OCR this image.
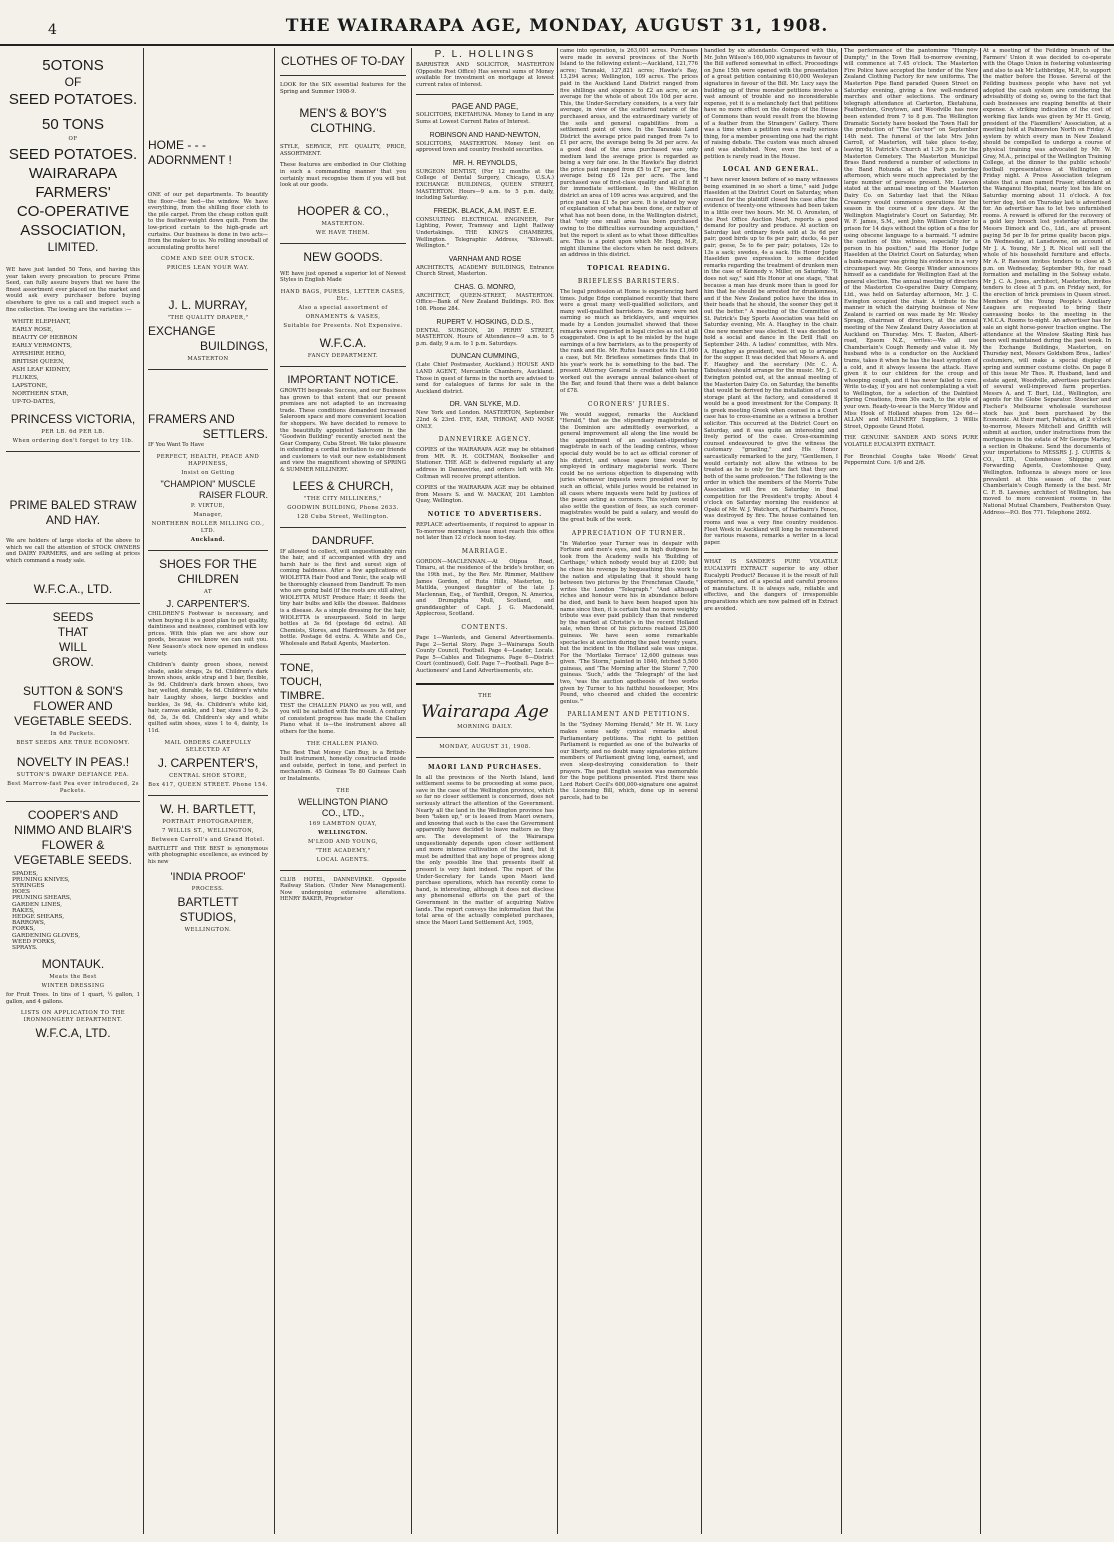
4	THE WAIRARAPA AGE, MONDAY, AUGUST 31, 1908.
5OTONS
OF
SEED POTATOES.
50 TONS
OF
SEED POTATOES.
WAIRARAPA
FARMERS'
CO-OPERATIVE
ASSOCIATION,
LIMITED.

WE have just landed 50 Tons, and having this year taken every precaution to procure Prime Seed, can fully assure buyers that we have the finest assortment ever placed on the market and would ask every purchaser before buying elsewhere to give us a call and inspect such a fine collection. The lowing are the varieties :—

WHITE ELEPHANT,
EARLY ROSE,
BEAUTY OF HEBRON
EARLY VERMONTS,
AYRSHIRE HERO,
BRITISH QUEEN,
ASH LEAF KIDNEY,
FLUKES,
LAPSTONE,
NORTHERN STAR,
UP-TO-DATES,
PRINCESS VICTORIA,
PER LB. 6d PER LB.
When ordering don't forget to try 1lb.
PRIME BALED STRAW
AND HAY.

We are holders of large stocks of the above to which we call the attention of STOCK OWNERS and DAIRY FARMERS, and are selling at prices which command a ready sale.

W.F.C.A., LTD.
SEEDS
THAT
WILL
GROW.
SUTTON & SON'S
FLOWER AND
VEGETABLE SEEDS.
In 6d Packets.
BEST SEEDS ARE TRUE ECONOMY.
NOVELTY IN PEAS.!
SUTTON'S DWARF DEFIANCE PEA.
Best Marrow-fast Pea ever introduced, 2s Packets.
COOPER'S AND
NIMMO AND BLAIR'S
FLOWER &
VEGETABLE SEEDS.
SPADES,
PRUNING KNIVES,
SYRINGES
HOES
PRUNING SHEARS,
GARDEN LINES,
RAKES,
HEDGE SHEARS,
BARROWS,
FORKS,
GARDENING GLOVES,
WEED FORKS,
SPRAYS.
MONTAUK.
Meats the Best
WINTER DRESSING

for Fruit Trees. In tins of 1 quart, ½ gallon, 1 gallon, and 4 gallons.

LISTS ON APPLICATION TO THE IRONMONGERY DEPARTMENT.
W.F.C.A, LTD.
HOME - - -
ADORNMENT !

ONE of our pet departments. To beautify the floor—the bed—the window. We have everything, from the shilling floor cloth to the pile carpet. From the cheap cotton quilt to the feather-weight down quilt. From the low-priced curtain to the high-grade art curtains. Our business is done in two acts—from the maker to us. No rolling snowball of accumulating profits here!

COME AND SEE OUR STOCK.
PRICES LEAN YOUR WAY.
J. L. MURRAY,
"THE QUALITY DRAPER,"
EXCHANGE
BUILDINGS,
MASTERTON
FRAMERS AND
SETTLERS.

IF You Want To Have

PERFECT, HEALTH, PEACE AND HAPPINESS,
Insist on Getting
"CHAMPION" MUSCLE
RAISER FLOUR.
P. VIRTUE,
Manager,
NORTHERN ROLLER MILLING CO., LTD.
Auckland.
SHOES FOR THE
CHILDREN
AT
J. CARPENTER'S.

CHILDREN'S Footwear is necessary, and when buying it is a good plan to get quality, daintiness and neatness, combined with low prices. With this plan we are show our goods, because we know we can suit you. New Season's stock now opened in endless variety.

Children's dainty green shoes, newest shade, ankle straps, 2s 6d. Children's dark brown shoes, ankle strap and 1 bar, flexible, 3s 9d. Children's dark brown shoes, two bar, welted, durable, 4s 6d. Children's white hair Laughty shoes, large buckles and buckles, 3s 9d, 4s. Children's white kid, hair, canvas ankle, and 1 bar, sizes 3 to 6, 2s 6d, 3s, 3s 6d. Children's sky and white quilted satin shoes, sizes 1 to 4, dainty, 1s 11d.

MAIL ORDERS CAREFULLY SELECTED AT
J. CARPENTER'S,
CENTRAL SHOE STORE,
Box 417, QUEEN STREET. Phone 154.
W. H. BARTLETT,
PORTRAIT PHOTOGRAPHER,
7 WILLIS ST., WELLINGTON,
Between Carroll's and Grand Hotel.

BARTLETT and THE BEST is synonymous with photographic excellence, as evinced by his new

'INDIA PROOF'
PROCESS.
BARTLETT
STUDIOS,
WELLINGTON.
CLOTHES OF TO-DAY

LOOK for the SIX essential features for the Spring and Summer 1908-9.

MEN'S & BOY'S
CLOTHING.

STYLE, SERVICE, FIT. QUALITY, PRICE, ASSORTMENT.

These features are embodied in Our Clothing in such a commanding manner that you certainly must recognise them if you will but look at our goods.

HOOPER & CO.,
MASTERTON.
WE HAVE THEM.
NEW GOODS.

WE have just opened a superior lot of Newest Styles in English Made

HAND BAGS, PURSES, LETTER CASES, Etc.
Also a special assortment of
ORNAMENTS & VASES,
Suitable for Presents. Not Expensive.
W.F.C.A.
FANCY DEPARTMENT.
IMPORTANT NOTICE.

GROWTH bespeaks Success, and our Business has grown to that extent that our present premises are not adapted to an increasing trade. These conditions demanded increased Saleroom space and more convenient location for shoppers. We have decided to remove to the beautifully appointed Saleroom in the "Goodwin Building" recently erected next the Gear Company, Cuba Street. We take pleasure in extending a cordial invitation to our friends and customers to visit our new establishment and view the magnificent showing of SPRING & SUMMER MILLINERY.

LEES & CHURCH,
"THE CITY MILLINERS,"
GOODWIN BUILDING, Phone 2633.
128 Cuba Street, Wellington.
DANDRUFF.

IF allowed to collect, will unquestionably ruin the hair, and if accompanied with dry and harsh hair is the first and surest sign of coming baldness. After a few applications of WIOLETTA Hair Food and Tonic, the scalp will be thoroughly cleansed from Dandruff. To men who are going bald (if the roots are still alive), WIOLETTA MUST Produce Hair; it feeds the tiny hair bulbs and kills the disease. Baldness is a disease. As a simple dressing for the hair, WIOLETTA is unsurpassed. Sold in large bottles at 3s 6d (postage 6d extra). All Chemists, Stores, and Hairdressers 3s 6d per bottle. Postage 6d extra. A. White and Co., Wholesale and Retail Agents, Masterton.

TONE,
TOUCH,
TIMBRE.

TEST the CHALLEN PIANO as you will, and you will be satisfied with the result. A century of consistent progress has made the Challen Piano what it is—the instrument above all others for the home.

THE CHALLEN PIANO.

The Best That Money Can Buy, is a British-built instrument, honestly constructed inside and outside, perfect in tone, and perfect in mechanism. 45 Guineas To 80 Guineas Cash or Instalments.

THE
WELLINGTON PIANO
CO., LTD.,
169 LAMBTON QUAY,
WELLINGTON.
M'LEOD AND YOUNG,
"THE ACADEMY,"
LOCAL AGENTS.

CLUB HOTEL, DANNEVIRKE. Opposite Railway Station. (Under New Management). Now undergoing extensive alterations. HENRY BAKER, Proprietor

P. L. HOLLINGS

BARRISTER AND SOLICITOR, MASTERTON (Opposite Post Office) Has several sums of Money available for investment on mortgage at lowest current rates of interest.

PAGE AND PAGE,

SOLICITORS, EKETAHUNA. Money to Lend in any Sums at Lowest Current Rates of Interest.

ROBINSON AND HAND-NEWTON,

SOLICITORS, MASTERTON. Money lent on approved town and country freehold securities.

MR. H. REYNOLDS,

SURGEON DENTIST, (For 12 months at the College of Dental Surgery, Chicago, U.S.A.) EXCHANGE BUILDINGS, QUEEN STREET, MASTERTON. Hours—9 a.m. to 5 p.m. daily, including Saturday.

FREDK. BLACK, A.M. INST. E.E.

CONSULTING ELECTRICAL ENGINEER, For Lighting, Power, Tramway and Light Railway Undertakings. THE KING'S CHAMBERS, Wellington. Telegraphic Address, "Kilowatt. Wellington."

VARNHAM AND ROSE

ARCHITECTS, ACADEMY BUILDINGS, Entrance Church Street, Masterton.

CHAS. G. MONRO,

ARCHITECT, QUEEN-STREET, MASTERTON. Office—Bank of New Zealand Buildings. P.O. Box 108. Phone 284.

RUPERT V. HOSKING, D.D.S.,

DENTAL SURGEON, 26 PERRY STREET, MASTERTON. Hours of Attendance—9 a.m. to 5 p.m. daily, 9 a.m. to 1 p.m. Saturdays.

DUNCAN CUMMING,

(Late Chief Postmaster, Auckland.) HOUSE AND LAND AGENT, Mercantile Chambers, Auckland. Those in quest of farms in the north are advised to send for catalogues of farms for sale in the Auckland district.

DR. VAN SLYKE, M.D.

New York and London. MASTERTON, September 22nd & 23rd. EYE, EAR, THROAT, AND NOSE ONLY.

DANNEVIRKE AGENCY.

COPIES of the WAIRARAPA AGE may be obtained from MR. R. H. COLTMAN, Bookseller and Stationer. THE AGE is delivered regularly at any address in Dannevirke, and orders left with Mr. Coltman will receive prompt attention.

COPIES of the WAIRARAPA AGE may be obtained from Messrs S. and W. MACKAY, 201 Lambton Quay, Wellington.

NOTICE TO ADVERTISERS.

REPLACE advertisements, if required to appear in To-morrow morning's issue must reach this office not later than 12 o'clock noon to-day.

MARRIAGE.

GORDON—MACLENNAN.—At Otipua Road, Timaru, at the residence of the bride's brother, on the 19th inst., by the Rev. Mr. Rimmer, Matthew James Gordon, of Ruta Hills, Masterton, to Matilda, youngest daughter of the late J. Maclennan, Esq., of Yardhill, Oregon, N. America, and Drumgigha Mull, Scotland, and granddaughter of Capt. J. G. Macdonald, Applecross, Scotland.

CONTENTS.

Page 1—Wanteds, and General Advertisements. Page 2—Serial Story. Page 3—Wairarapa South County Council, Football. Page 4—Leader, Locals. Page 5—Cables and Telegrams. Page 6—District Court (continued), Golf. Page 7—Football. Page 8—Auctioneers' and Land Advertisements, etc.

THE
Wairarapa Age
MORNING DAILY.
MONDAY, AUGUST 31, 1908.
MAORI LAND PURCHASES.

In all the provinces of the North Island, land settlement seems to be proceeding at some pace, save in the case of the Wellington province, which so far no closer settlement is concerned, does not seriously attract the attention of the Government. Nearly all the land in the Wellington province has been "taken up," or is leased from Maori owners, and knowing that such is the case the Government apparently have decided to leave matters as they are. The development of the Wairarapa unquestionably depends upon closer settlement and more intense cultivation of the land, but it must be admitted that any hope of progress along the only possible line that presents itself at present is very faint indeed. The report of the Under-Secretary for Lands upon Maori land purchase operations, which has recently come to hand, is interesting, although it does not disclose any phenomenal efforts on the part of the Government in the matter of acquiring Native lands. The report conveys the information that the total area of the actually completed purchases, since the Maori Land Settlement Act, 1905,

came into operation, is 263,001 acres. Purchases were made in several provinces of the North Island to the following extent:—Auckland, 121,776 acres; Taranaki, 127,821 acres; Hawke's Bay, 13,294 acres; Wellington, 109 acres. The prices paid in the Auckland Land District ranged from five shillings and sixpence to £2 an acre, or an average for the whole of about 10s 10d per acre. This, the Under-Secretary considers, is a very fair average, in view of the scattered nature of the purchased areas, and the extraordinary variety of the soils and general capabilities from a settlement point of view. In the Taranaki Land District the average price paid ranged from 7s to £1 per acre, the average being 9s 3d per acre. As a good deal of the area purchased was only medium land the average price is regarded as being a very fair one. In the Hawke's Bay district the price paid ranged from £5 to £7 per acre, the average being £6 12s per acre. The land purchased was of first-class quality and all of it fit for immediate settlement. In the Wellington district an area of 109 acres was acquired, and the price paid was £1 5s per acre. It is stated by way of explanation of what has been done, or rather of what has not been done, in the Wellington district, that "only one small area has been purchased owing to the difficulties surrounding acquisition," but the report is silent as to what those difficulties are. This is a point upon which Mr. Hogg, M.P., might illumine the electors when he next delivers an address in this district.

TOPICAL READING.
BRIEFLESS BARRISTERS.

The legal profession at Home is experiencing hard times. Judge Edge complained recently that there were a great many well-qualified solicitors, and many well-qualified barristers. So many were not earning so much as bricklayers, and enquiries made by a London journalist showed that these remarks were regarded in legal circles as not at all exaggerated. One is apt to be misled by the huge earnings of a few barristers, as to the prosperity of the rank and file. Mr. Rufus Isaacs gets his £1,000 a case, but Mr. Briefless sometimes finds that in his year's work he is something to the bad. The present Attorney General is credited with having worked out the average annual balance-sheet of the Bar, and found that there was a debt balance of £78.

CORONERS' JURIES.

We would suggest, remarks the Auckland "Herald," that as the stipendiary magistrates of the Dominion are admittedly overworked, a general improvement all along the line would be the appointment of an assistant-stipendiary magistrate in each of the leading centres, whose special duty would be to act as official coroner of his district, and whose spare time would be employed in ordinary magisterial work. There could be no serious objection to dispensing with juries whenever inquests were presided over by such an official, while juries would be retained in all cases where inquests were held by justices of the peace acting as coroners. This system would also settle the question of fees, as such coroner-magistrates would be paid a salary, and would do the great bulk of the work.

APPRECIATION OF TURNER.

"In Waterloo year Turner was in despair with Fortune and men's eyes, and in high dudgeon he took from the Academy walls his 'Building of Carthage,' which nobody would buy at £200; but he chose his revenge by bequeathing this work to the nation and stipulating that it should hang between two pictures by the Frenchman Claude," writes the London "Telegraph." "And although riches and honour were his in abundance before he died, and bank to have been heaped upon his name since then, it is certain that no more weighty tribute was ever paid publicly than that rendered by the market at Christie's in the recent Holland sale, when three of his pictures realised 25,800 guineas. We have seen some remarkable spectacles at auction during the past twenty years, but the incident in the Holland sale was unique. For the 'Mortlake Terrace' 12,600 guineas was given. 'The Storm,' painted in 1840, fetched 5,500 guineas, and 'The Morning after the Storm' 7,700 guineas. 'Such,' adds the 'Telegraph' of the last two, 'was the auction apotheosis of two works given by Turner to his faithful housekeeper, Mrs Pound, who cheered and chided the eccentric genius.'"

PARLIAMENT AND PETITIONS.

In the "Sydney Morning Herald," Mr H. W. Lucy makes some sadly cynical remarks about Parliamentary petitions. The right to petition Parliament is regarded as one of the bulwarks of our liberty, and no doubt many signatories picture members of Parliament giving long, earnest, and even sleep-destroying consideration to their prayers. The past English session was memorable for the huge petitions presented. First there was Lord Robert Cecil's 600,000-signature one against the Licensing Bill, which, done up in several parcels, had to be

handled by six attendants. Compared with this, Mr. John Wilson's 160,000 signatures in favour of the Bill suffered somewhat in effect. Proceedings on June 15th were opened with the presentation of a great petition containing 610,000 Wesleyan signatures in favour of the Bill. Mr. Lucy says the building up of three monster petitions involve a vast amount of trouble and no inconsiderable expense, yet it is a melancholy fact that petitions have no more effect on the doings of the House of Commons than would result from the blowing of a feather from the Strangers' Gallery. There was a time when a petition was a really serious thing, for a member presenting one had the right of raising debate. The custom was much abused and was abolished. Now, even the text of a petition is rarely read in the House.

LOCAL AND GENERAL.

"I have never known before of so many witnesses being examined in so short a time," said Judge Haselden at the District Court on Saturday, when counsel for the plaintiff closed his case after the evidence of twenty-one witnesses had been taken in a little over two hours. Mr. M. O. Aronsten, of the Post Office Auction Mart, reports a good demand for poultry and produce. At auction on Saturday last ordinary fowls sold at 3s 6d per pair; good birds up to 6s per pair; ducks, 4s per pair; geese, 5s to 6s per pair; potatoes, 12s to 13s a sack; swedes, 4s a sack. His Honor Judge Haselden gave expression to some decided remarks regarding the treatment of drunken men in the case of Kennedy v. Miller, on Saturday. "It does not say," said His Honor at one stage, "that because a man has drunk more than is good for him that he should be arrested for drunkenness, and if the New Zealand police have the idea in their heads that he should, the sooner they get it out the better." A meeting of the Committee of St. Patrick's Day Sports Association was held on Saturday evening, Mr. A. Haughey in the chair. One new member was elected. It was decided to hold a social and dance in the Drill Hall on September 24th. A ladies' committee, with Mrs. A. Haughey as president, was set up to arrange for the supper. It was decided that Messrs A. and F. Haughey and the secretary (Mr. C. A. Tabuteau) should arrange for the music. Mr. J. C. Ewington pointed out, at the annual meeting of the Masterton Dairy Co. on Saturday, the benefits that would be derived by the installation of a cool storage plant at the factory, and considered it would be a good investment for the Company. It is greek meeting Greek when counsel in a Court case has to cross-examine as a witness a brother solicitor. This occurred at the District Court on Saturday, and it was quite an interesting and lively period of the case. Cross-examining counsel endeavoured to give the witness the customary "grueling," and His Honor sarcastically remarked to the jury, "Gentlemen, I would certainly not allow the witness to be treated as he is only for the fact that they are both of the same profession." The following is the order in which the members of the Morris Tube Association will fire on Saturday in final competition for the President's trophy. About 4 o'clock on Saturday morning the residence at Opaki of Mr. W. J. Watchorn, of Fairbairn's Fence, was destroyed by fire. The house contained ten rooms and was a very fine country residence. Fleet Week in Auckland will long be remembered for various reasons, remarks a writer in a local paper.

WHAT IS SANDER'S PURE VOLATILE EUCALYPTI EXTRACT superior to any other Eucalypti Product? Because it is the result of full experience, and of a special and careful process of manufacture. It is always safe, reliable and effective, and the dangers of irresponsible preparations which are now palmed off in Extract are avoided.

The performance of the pantomime "Humpty-Dumpty," in the Town Hall to-morrow evening, will commence at 7.45 o'clock. The Masterton Fire Police have accepted the tender of the New Zealand Clothing Factory for new uniforms. The Masterton Pipe Band paraded Queen Street on Saturday evening, giving a few well-rendered marches and other selections. The ordinary telegraph attendance at Carterton, Eketahuna, Featherston, Greytown, and Woodville has now been extended from 7 to 8 p.m. The Wellington Dramatic Society have booked the Town Hall for the production of "The Guv'nor" on September 14th next. The funeral of the late Mrs John Carroll, of Masterton, will take place to-day, leaving St. Patrick's Church at 1.30 p.m. for the Masterton Cemetery. The Masterton Municipal Brass Band rendered a number of selections in the Band Rotunda at the Park yesterday afternoon, which were much appreciated by the large number of persons present. Mr. Lawson stated at the annual meeting of the Masterton Dairy Co. on Saturday last that the Nikau Creamery would commence operations for the season in the course of a few days. At the Wellington Magistrate's Court on Saturday, Mr. W. F. James, S.M., sent John William Crozier to prison for 14 days without the option of a fine for using obscene language to a barmaid. "I admire the caution of this witness, especially for a person in his position," said His Honor Judge Haselden at the District Court on Saturday, when a bank-manager was giving his evidence in a very circumspect way. Mr. George Winder announces himself as a candidate for Wellington East at the general election. The annual meeting of directors of the Masterton Co-operative Dairy Company, Ltd., was held on Saturday afternoon, Mr. J. C. Ewington occupied the chair. A tribute to the manner in which the dairying business of New Zealand is carried on was made by Mr. Wesley Spragg, chairman of directors, at the annual meeting of the New Zealand Dairy Association at Auckland on Thursday. Mrs. T. Baston, Albert-road, Epsom N.Z., writes:—We all use Chamberlain's Cough Remedy and value it. My husband who is a conductor on the Auckland trams, takes it when he has the least symptom of a cold, and it always lessens the attack. Have given it to our children for the croup and whooping cough, and it has never failed to cure. Write to-day, if you are not contemplating a visit to Wellington, for a selection of the Daintiest Spring Creations, from 30s each, to the style of your own. Ready-to-wear is the Mercy Widow and Miss Hook of Holland shapes from 12s 6d—ALLAN and MILLINERY Suppliers, 3 Willis Street, Opposite Grand Hotel.

THE GENUINE SANDER AND SONS PURE VOLATILE EUCALYPTI EXTRACT.

For Bronchial Coughs take Woods' Great Peppermint Cure. 1/6 and 2/6.

At a meeting of the Feilding branch of the Farmers' Union it was decided to co-operate with the Otago Union in fostering volunteering and also to ask Mr Lethbridge, M.P., to support the matter before the House. Several of the Feilding business people who have not yet adopted the cash system are considering the advisability of doing so, owing to the fact that cash businesses are reaping benefits at their expense. A striking indication of the cost of working flax lands was given by Mr H. Greig, president of the Flaxmillers' Association, at a meeting held at Palmerston North on Friday. A system by which every man in New Zealand should be compelled to undergo a course of physical training was advocated by Mr. W. Gray, M.A., principal of the Wellington Training College, at the dinner to the public schools' football representatives at Wellington on Friday night. A Press Association telegram states that a man named Fraser, attendant at the Wanganui Hospital, nearly lost his life on Saturday morning about 11 o'clock. A fox terrier dog, lost on Thursday last is advertised for. An advertiser has to let two unfurnished rooms. A reward is offered for the recovery of a gold key brooch lost yesterday afternoon. Messrs Dimock and Co., Ltd., are at present paying 5d per lb for prime quality bacon pigs. On Wednesday, at Lansdowne, on account of Mr J. A. Young, Mr J. R. Nicol will sell the whole of his household furniture and effects. Mr A. P. Rawson invites tenders to close at 5 p.m. on Wednesday, September 9th, for road formation and metalling in the Solway estate. Mr J. C. A. Jones, architect, Masterton, invites tenders to close at 5 p.m. on Friday next, for the erection of brick premises in Queen street. Members of the Young People's Auxiliary Leagues are requested to bring their canvassing books to the meeting in the Y.M.C.A. Rooms to-night. An advertiser has for sale an eight horse-power traction engine. The attendance at the Winslow Skating Rink has been well maintained during the past week. In the Exchange Buildings, Masterton, on Thursday next, Messrs Goldsbom Bros., ladies' costumiers, will make a special display of spring and summer costume cloths. On page 8 of this issue Mr Thos. R. Husband, land and estate agent, Woodville, advertises particulars of several well-improved farm properties. Messrs A. and T. Burt, Ltd., Wellington, are agents for the Globe Separator. Stoecker and Fischer's Melbourne wholesale warehouse stock has just been purchased by the Economic. At their mart, Pahiatua, at 2 o'clock to-morrow, Messrs Mitchell and Griffith will submit at auction, under instructions from the mortgagees in the estate of Mr George Marley, a section in Ohakune. Send the documents of your importations to MESSRS J. J. CURTIS & CO., LTD., Customhouse Shipping and Forwarding Agents, Customhouse Quay, Wellington. Influenza is always more or less prevalent at this season of the year. Chamberlain's Cough Remedy is the best. Mr C. F. B. Laveney, architect of Wellington, has moved to more convenient rooms in the National Mutual Chambers, Featherston Quay. Address—P.O. Box 771. Telephone 2692.
